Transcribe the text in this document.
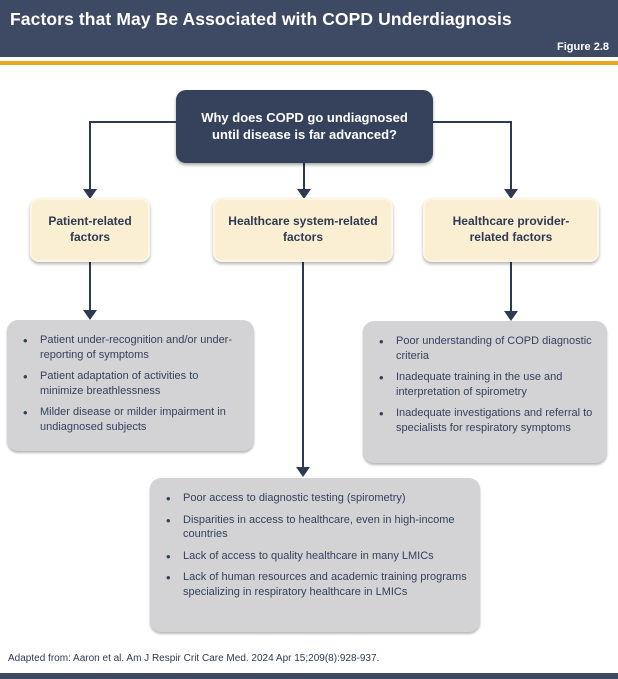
Factors that May Be Associated with COPD Underdiagnosis
Figure 2.8
Why does COPD go undiagnosed until disease is far advanced?
Patient-related factors
Healthcare system-related factors
Healthcare provider-related factors
• Patient under-recognition and/or under-reporting of symptoms
• Patient adaptation of activities to minimize breathlessness
• Milder disease or milder impairment in undiagnosed subjects
• Poor understanding of COPD diagnostic criteria
• Inadequate training in the use and interpretation of spirometry
• Inadequate investigations and referral to specialists for respiratory symptoms
• Poor access to diagnostic testing (spirometry)
• Disparities in access to healthcare, even in high-income countries
• Lack of access to quality healthcare in many LMICs
• Lack of human resources and academic training programs specializing in respiratory healthcare in LMICs
Adapted from: Aaron et al. Am J Respir Crit Care Med. 2024 Apr 15;209(8):928-937.
